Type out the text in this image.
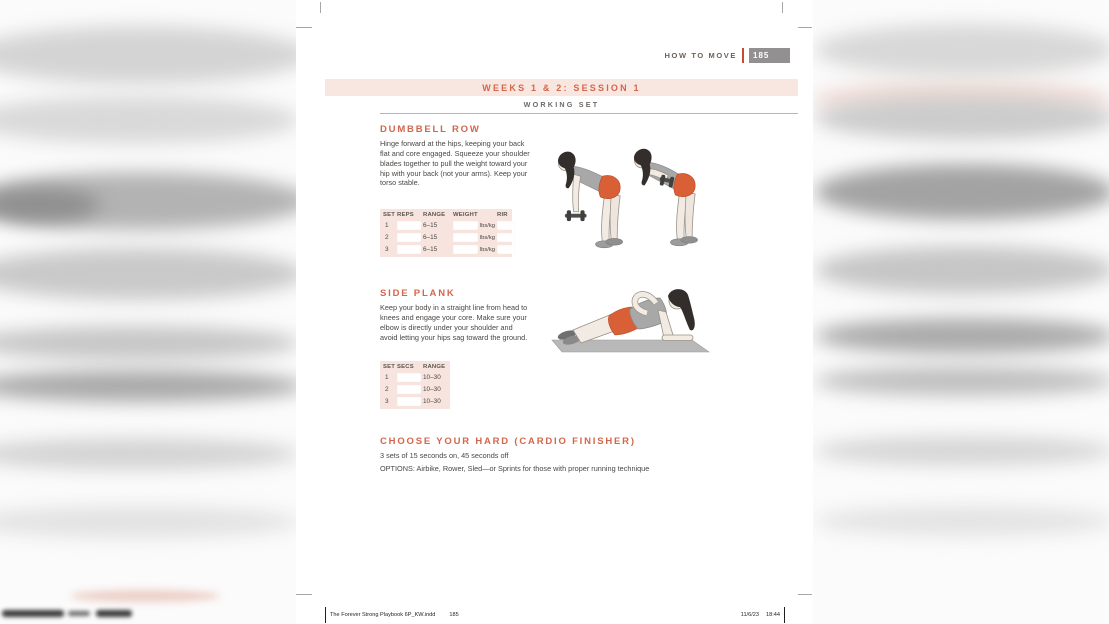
HOW TO MOVE	185
WEEKS 1 & 2: SESSION 1
WORKING SET
DUMBBELL ROW
Hinge forward at the hips, keeping your back flat and core engaged. Squeeze your shoulder blades together to pull the weight toward your hip with your back (not your arms). Keep your torso stable.
SET REPS	RANGE	WEIGHT	RIR
1	6–15	lbs/kg
2	6–15	lbs/kg
3	6–15	lbs/kg
SIDE PLANK
Keep your body in a straight line from head to knees and engage your core. Make sure your elbow is directly under your shoulder and avoid letting your hips sag toward the ground.
SET SECS	RANGE
1	10–30
2	10–30
3	10–30
CHOOSE YOUR HARD (CARDIO FINISHER)
3 sets of 15 seconds on, 45 seconds off
OPTIONS: Airbike, Rower, Sled—or Sprints for those with proper running technique
The Forever Strong Playbook 6P_KW.indd	185	11/6/23 18:44
